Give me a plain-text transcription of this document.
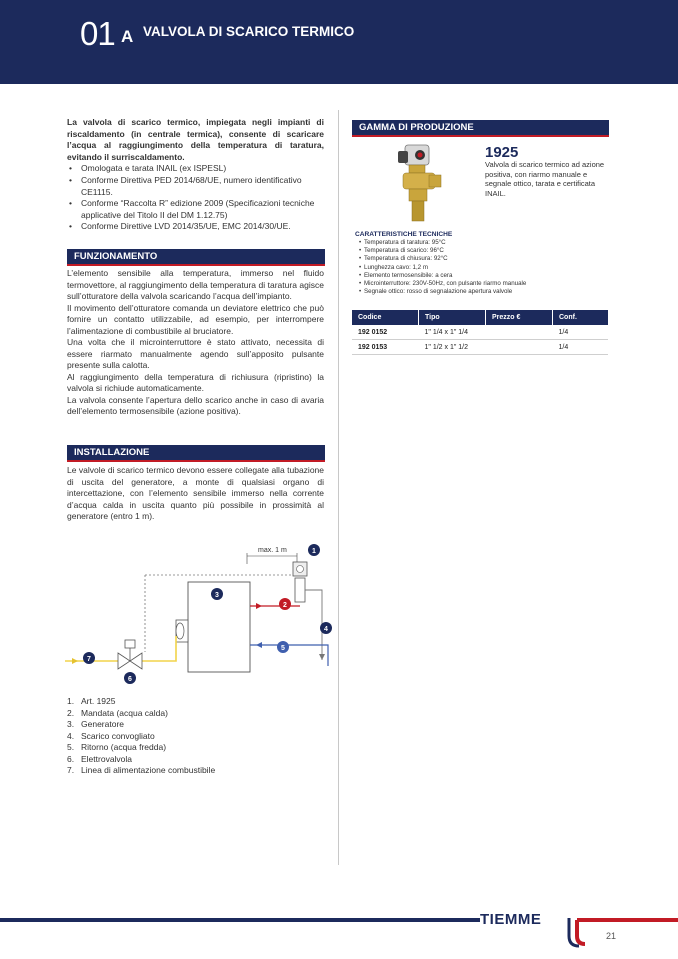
01 A VALVOLA DI SCARICO TERMICO

La valvola di scarico termico, impiegata negli impianti di riscaldamento (in centrale termica), consente di scaricare l’acqua al raggiungimento della temperatura di taratura, evitando il surriscaldamento.

• Omologata e tarata INAIL (ex ISPESL)
• Conforme Direttiva PED 2014/68/UE, numero identificativo CE1115.
• Conforme “Raccolta R” edizione 2009 (Specificazioni tecniche applicative del Titolo II del DM 1.12.75)
• Conforme Direttive LVD 2014/35/UE, EMC 2014/30/UE.
FUNZIONAMENTO

L’elemento sensibile alla temperatura, immerso nel fluido termovettore, al raggiungimento della temperatura di taratura agisce sull’otturatore della valvola scaricando l’acqua dell’impianto.

Il movimento dell’otturatore comanda un deviatore elettrico che può fornire un contatto utilizzabile, ad esempio, per interrompere l’alimentazione di combustibile al bruciatore.

Una volta che il microinterruttore è stato attivato, necessita di essere riarmato manualmente agendo sull’apposito pulsante presente sulla calotta.

Al raggiungimento della temperatura di richiusura (ripristino) la valvola si richiude automaticamente.

La valvola consente l’apertura dello scarico anche in caso di avaria dell’elemento termosensibile (azione positiva).

INSTALLAZIONE

Le valvole di scarico termico devono essere collegate alla tubazione di uscita del generatore, a monte di qualsiasi organo di intercettazione, con l’elemento sensibile immerso nella corrente d’acqua calda in uscita quanto più possibile in prossimità al generatore (entro 1 m).

max. 1 m	1
2
3
4
5
6
7
1. Art. 1925
2. Mandata (acqua calda)
3. Generatore
4. Scarico convogliato
5. Ritorno (acqua fredda)
6. Elettrovalvola
7. Linea di alimentazione combustibile
GAMMA DI PRODUZIONE
1925
Valvola di scarico termico ad azione positiva, con riarmo manuale e segnale ottico, tarata e certificata INAIL.
CARATTERISTICHE TECNICHE
• Temperatura di taratura: 95°C
• Temperatura di scarico: 96°C
• Temperatura di chiusura: 92°C
• Lunghezza cavo: 1,2 m
• Elemento termosensibile: a cera
• Microinterruttore: 230V-50Hz, con pulsante riarmo manuale
• Segnale ottico: rosso di segnalazione apertura valvole
Codice	Tipo	Prezzo €	Conf.
192 0152	1" 1/4 x 1" 1/4		1/4
192 0153	1" 1/2 x 1" 1/2		1/4
TIEMME
21
